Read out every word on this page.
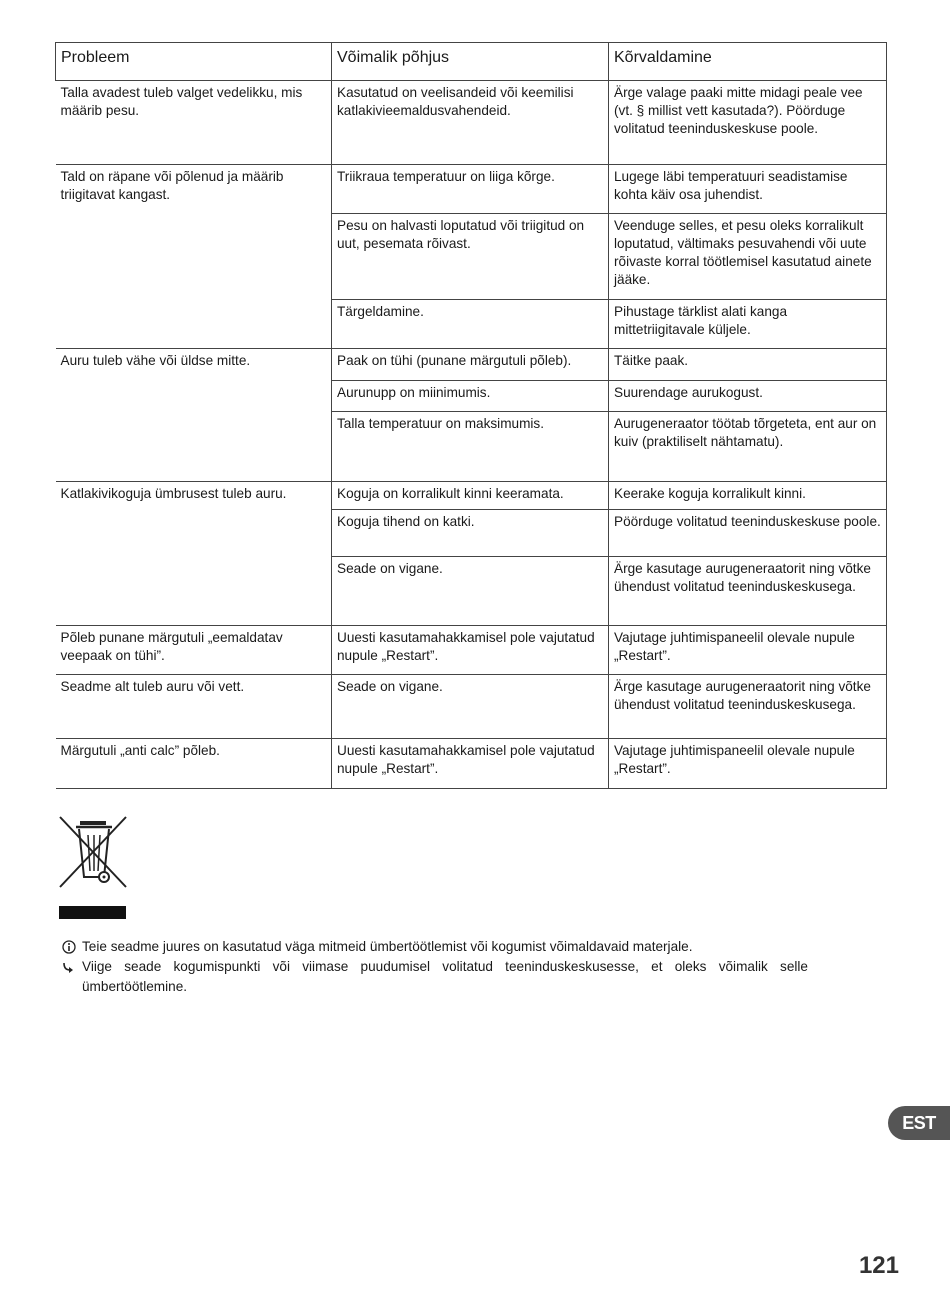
Probleem	Võimalik põhjus	Kõrvaldamine
Talla avadest tuleb valget vedelikku, mis määrib pesu.	Kasutatud on veelisandeid või keemilisi katlakivieemaldusvahendeid.	Ärge valage paaki mitte midagi peale vee (vt. § millist vett kasutada?). Pöörduge volitatud teeninduskeskuse poole.
Tald on räpane või põlenud ja määrib triigitavat kangast.	Triikraua temperatuur on liiga kõrge.	Lugege läbi temperatuuri seadistamise kohta käiv osa juhendist.
	Pesu on halvasti loputatud või triigitud on uut, pesemata rõivast.	Veenduge selles, et pesu oleks korralikult loputatud, vältimaks pesuvahendi või uute rõivaste korral töötlemisel kasutatud ainete jääke.
	Tärgeldamine.	Pihustage tärklist alati kanga mittetriigitavale küljele.
Auru tuleb vähe või üldse mitte.	Paak on tühi (punane märgutuli põleb).	Täitke paak.
	Aurunupp on miinimumis.	Suurendage aurukogust.
	Talla temperatuur on maksimumis.	Aurugeneraator töötab tõrgeteta, ent aur on kuiv (praktiliselt nähtamatu).
Katlakivikoguja ümbrusest tuleb auru.	Koguja on korralikult kinni keeramata.	Keerake koguja korralikult kinni.
	Koguja tihend on katki.	Pöörduge volitatud teeninduskeskuse poole.
	Seade on vigane.	Ärge kasutage aurugeneraatorit ning võtke ühendust volitatud teeninduskeskusega.
Põleb punane märgutuli „eemaldatav veepaak on tühi”.	Uuesti kasutamahakkamisel pole vajutatud nupule „Restart”.	Vajutage juhtimispaneelil olevale nupule „Restart”.
Seadme alt tuleb auru või vett.	Seade on vigane.	Ärge kasutage aurugeneraatorit ning võtke ühendust volitatud teeninduskeskusega.
Märgutuli „anti calc” põleb.	Uuesti kasutamahakkamisel pole vajutatud nupule „Restart”.	Vajutage juhtimispaneelil olevale nupule „Restart”.
Teie seadme juures on kasutatud väga mitmeid ümbertöötlemist või kogumist võimaldavaid materjale.
Viige seade kogumispunkti või viimase puudumisel volitatud teeninduskeskusesse, et oleks võimalik selle ümbertöötlemine.
EST
121
